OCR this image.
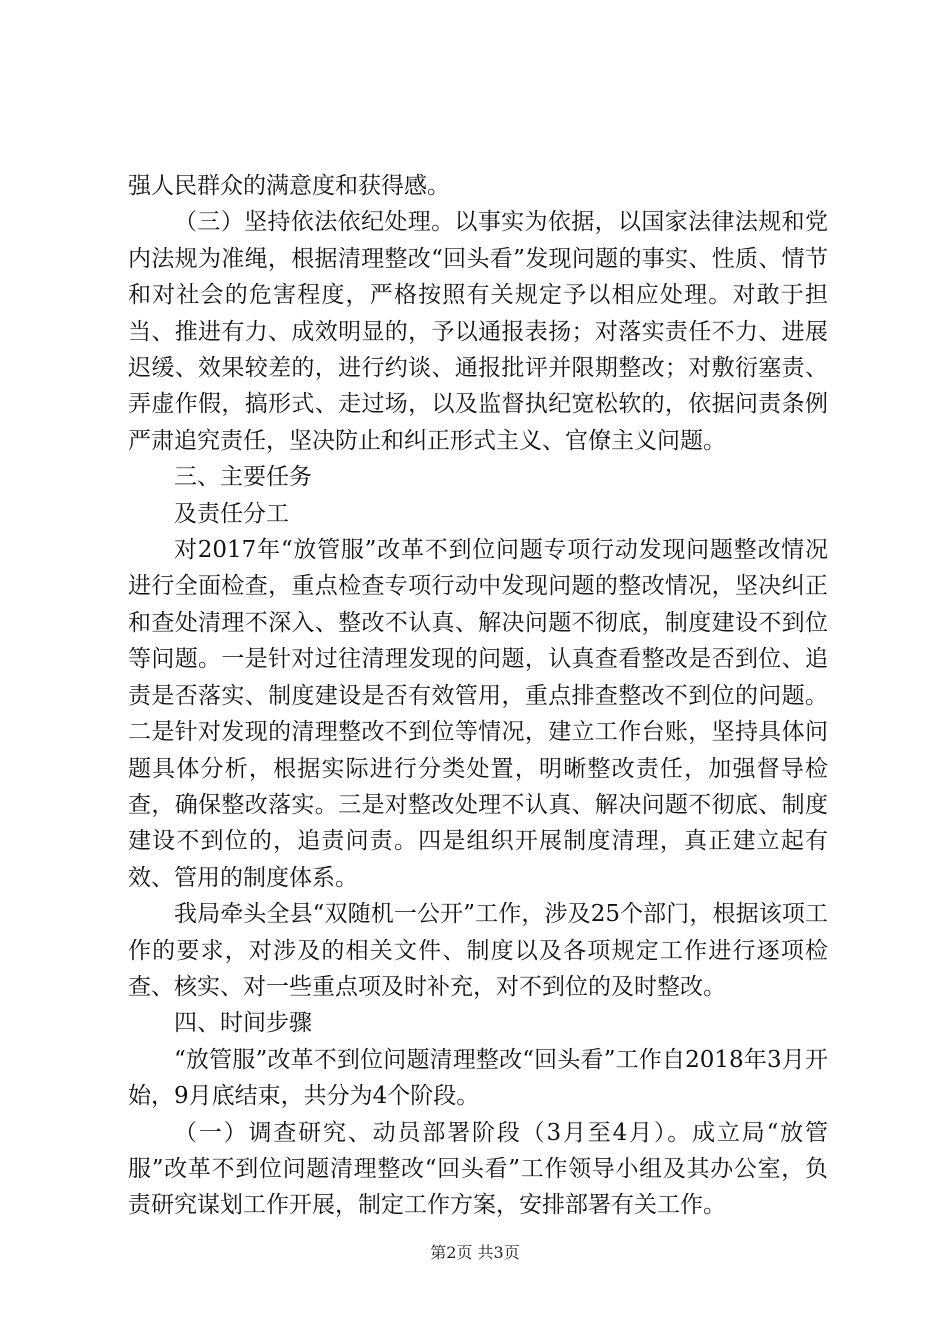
强人民群众的满意度和获得感。

（三）坚持依法依纪处理。以事实为依据，以国家法律法规和党内法规为准绳，根据清理整改“回头看”发现问题的事实、性质、情节和对社会的危害程度，严格按照有关规定予以相应处理。对敢于担当、推进有力、成效明显的，予以通报表扬；对落实责任不力、进展迟缓、效果较差的，进行约谈、通报批评并限期整改；对敷衍塞责、弄虚作假，搞形式、走过场，以及监督执纪宽松软的，依据问责条例严肃追究责任，坚决防止和纠正形式主义、官僚主义问题。

三、主要任务

及责任分工

对2017年“放管服”改革不到位问题专项行动发现问题整改情况进行全面检查，重点检查专项行动中发现问题的整改情况，坚决纠正和查处清理不深入、整改不认真、解决问题不彻底，制度建设不到位等问题。一是针对过往清理发现的问题，认真查看整改是否到位、追责是否落实、制度建设是否有效管用，重点排查整改不到位的问题。二是针对发现的清理整改不到位等情况，建立工作台账，坚持具体问题具体分析，根据实际进行分类处置，明晰整改责任，加强督导检查，确保整改落实。三是对整改处理不认真、解决问题不彻底、制度建设不到位的，追责问责。四是组织开展制度清理，真正建立起有效、管用的制度体系。

我局牵头全县“双随机一公开”工作，涉及25个部门，根据该项工作的要求，对涉及的相关文件、制度以及各项规定工作进行逐项检查、核实、对一些重点项及时补充，对不到位的及时整改。

四、时间步骤

“放管服”改革不到位问题清理整改“回头看”工作自2018年3月开始，9月底结束，共分为4个阶段。

（一）调查研究、动员部署阶段（3月至4月）。成立局“放管服”改革不到位问题清理整改“回头看”工作领导小组及其办公室，负责研究谋划工作开展，制定工作方案，安排部署有关工作。

第2页 共3页
